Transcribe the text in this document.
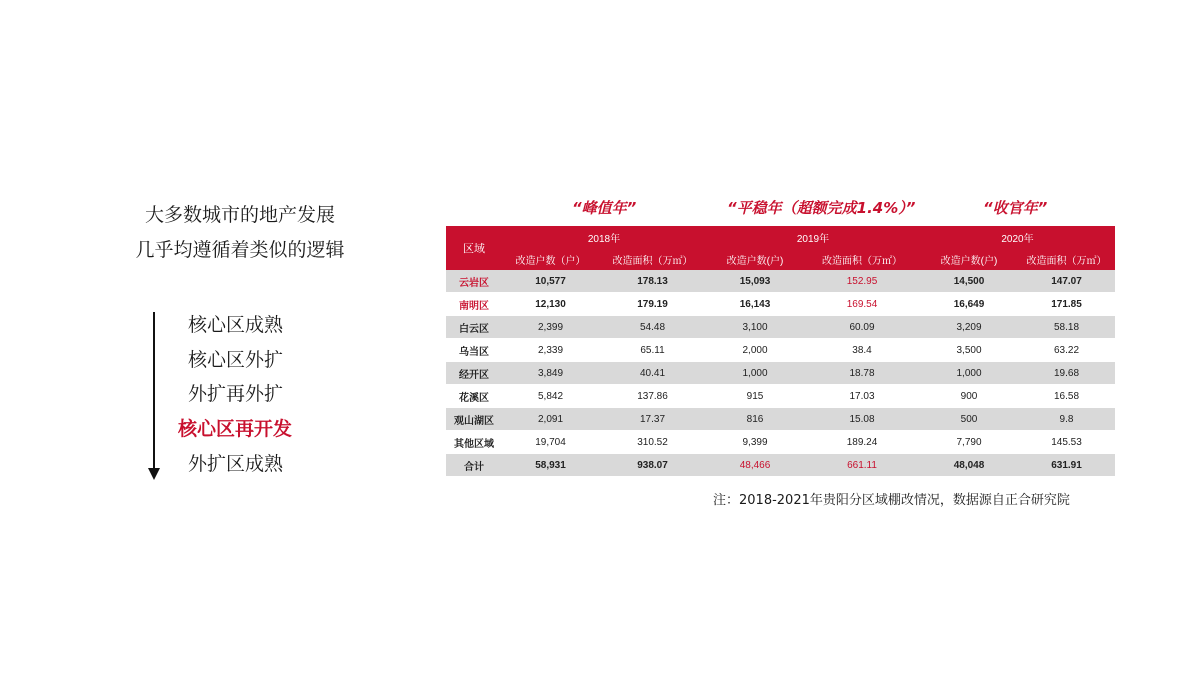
大多数城市的地产发展
几乎均遵循着类似的逻辑
核心区成熟
核心区外扩
外扩再外扩
核心区再开发
外扩区成熟
“峰值年”	“平稳年（超额完成1.4%）”	“收官年”
区域	2018年		2019年		2020年	
	改造户数（户）	改造面积（万㎡）	改造户数(户)	改造面积（万㎡）	改造户数(户)	改造面积（万㎡）
云岩区	10,577	178.13	15,093	152.95	14,500	147.07
南明区	12,130	179.19	16,143	169.54	16,649	171.85
白云区	2,399	54.48	3,100	60.09	3,209	58.18
乌当区	2,339	65.11	2,000	38.4	3,500	63.22
经开区	3,849	40.41	1,000	18.78	1,000	19.68
花溪区	5,842	137.86	915	17.03	900	16.58
观山湖区	2,091	17.37	816	15.08	500	9.8
其他区域	19,704	310.52	9,399	189.24	7,790	145.53
合计	58,931	938.07	48,466	661.11	48,048	631.91
注：2018-2021年贵阳分区域棚改情况，数据源自正合研究院
